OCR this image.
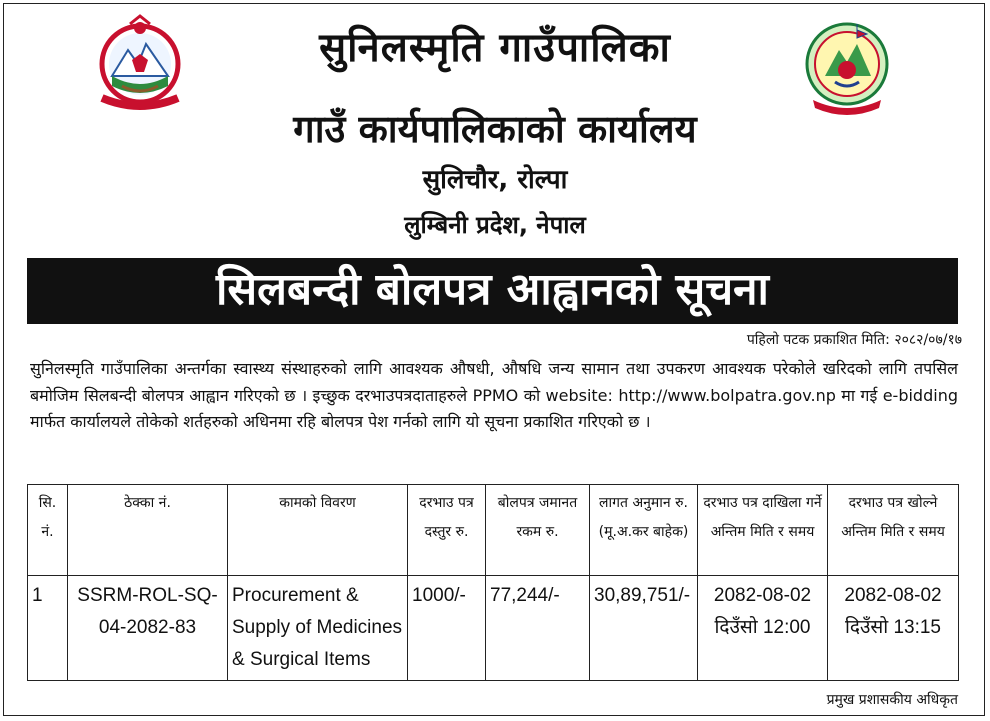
सुनिलस्मृति गाउँपालिका
गाउँ कार्यपालिकाको कार्यालय
सुलिचौर, रोल्पा
लुम्बिनी प्रदेश, नेपाल
सिलबन्दी बोलपत्र आह्वानको सूचना
पहिलो पटक प्रकाशित मिति: २०८२/०७/१७
सुनिलस्मृति गाउँपालिका अन्तर्गका स्वास्थ्य संस्थाहरुको लागि आवश्यक औषधी, औषधि जन्य सामान तथा उपकरण आवश्यक परेकोले खरिदको लागि तपसिल बमोजिम सिलबन्दी बोलपत्र आह्वान गरिएको छ । इच्छुक दरभाउपत्रदाताहरुले PPMO को website: http://www.bolpatra.gov.np मा गई e-bidding मार्फत कार्यालयले तोकेको शर्तहरुको अधिनमा रहि बोलपत्र पेश गर्नको लागि यो सूचना प्रकाशित गरिएको छ ।
सि. नं.	ठेक्का नं.	कामको विवरण	दरभाउ पत्र दस्तुर रु.	बोलपत्र जमानत रकम रु.	लागत अनुमान रु. (मू.अ.कर बाहेक)	दरभाउ पत्र दाखिला गर्ने अन्तिम मिति र समय	दरभाउ पत्र खोल्ने अन्तिम मिति र समय
1	SSRM-ROL-SQ-04-2082-83	Procurement & Supply of Medicines & Surgical Items	1000/-	77,244/-	30,89,751/-	2082-08-02 दिउँसो 12:00	2082-08-02 दिउँसो 13:15
प्रमुख प्रशासकीय अधिकृत
